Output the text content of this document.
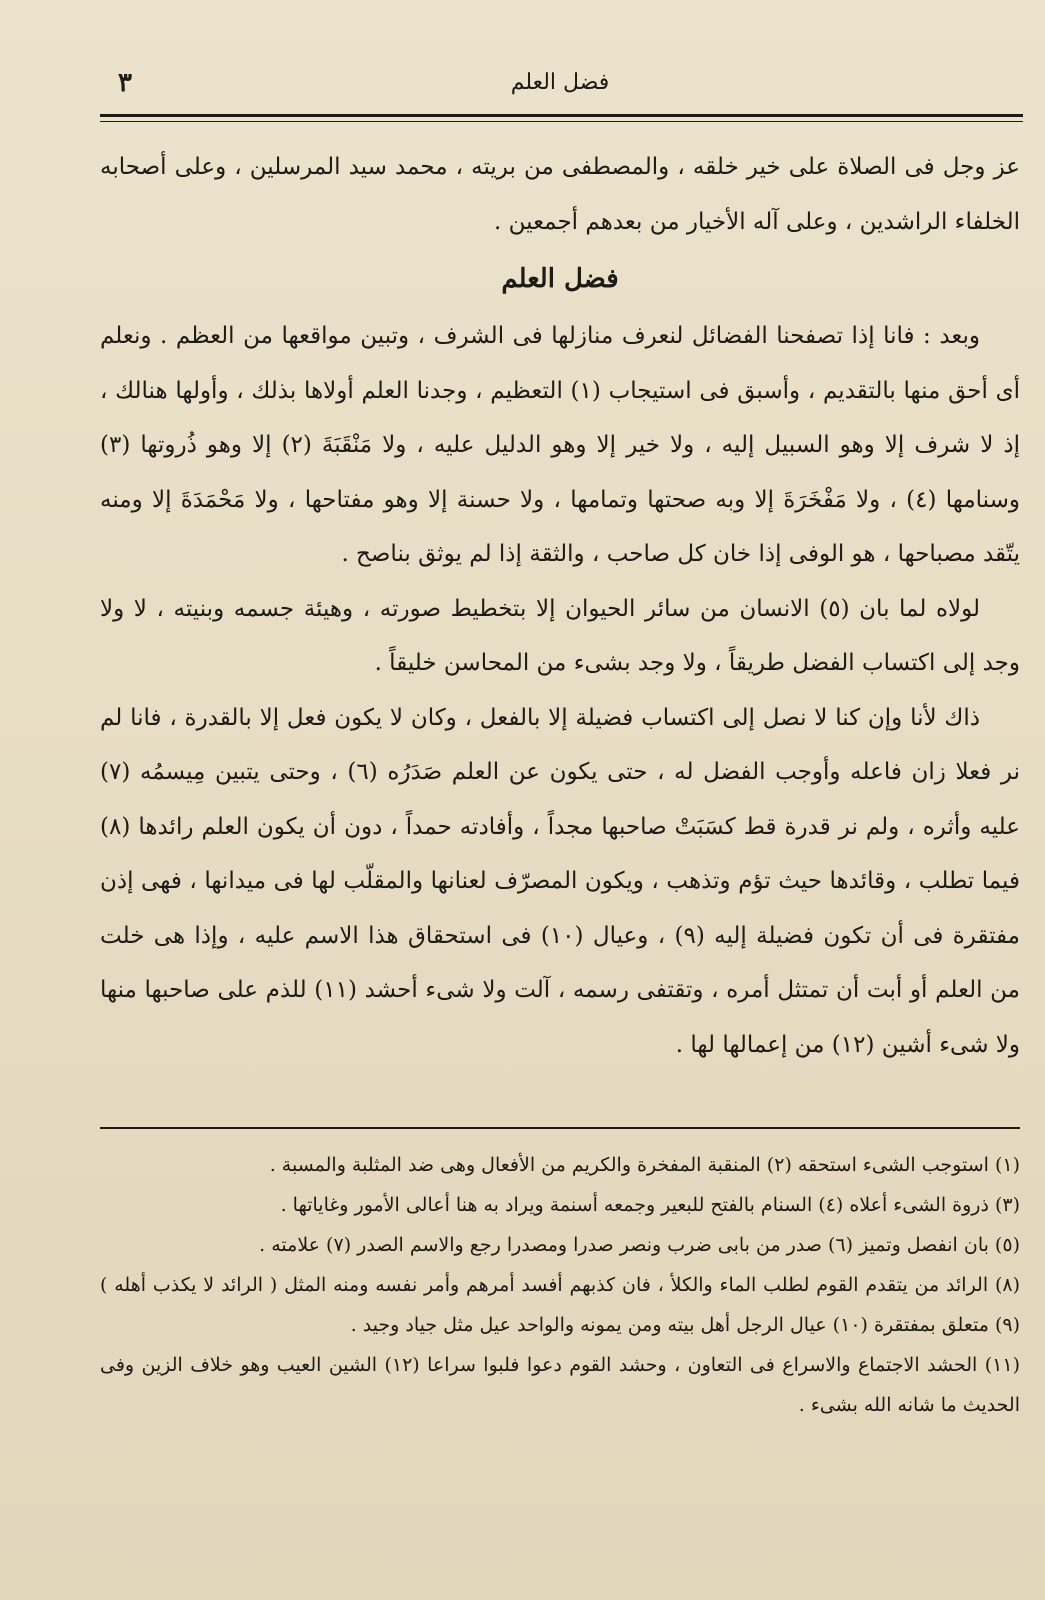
فضل العلم
٣

عز وجل فى الصلاة على خير خلقه ، والمصطفى من بريته ، محمد سيد المرسلين ، وعلى أصحابه الخلفاء الراشدين ، وعلى آله الأخيار من بعدهم أجمعين .

فضل العلم

وبعد : فانا إذا تصفحنا الفضائل لنعرف منازلها فى الشرف ، وتبين مواقعها من العظم . ونعلم أى أحق منها بالتقديم ، وأسبق فى استيجاب (١) التعظيم ، وجدنا العلم أولاها بذلك ، وأولها هنالك ، إذ لا شرف إلا وهو السبيل إليه ، ولا خير إلا وهو الدليل عليه ، ولا مَنْقَبَةَ (٢) إلا وهو ذُروتها (٣) وسنامها (٤) ، ولا مَفْخَرَةَ إلا وبه صحتها وتمامها ، ولا حسنة إلا وهو مفتاحها ، ولا مَحْمَدَةَ إلا ومنه يتّقد مصباحها ، هو الوفى إذا خان كل صاحب ، والثقة إذا لم يوثق بناصح .

لولاه لما بان (٥) الانسان من سائر الحيوان إلا بتخطيط صورته ، وهيئة جسمه وبنيته ، لا ولا وجد إلى اكتساب الفضل طريقاً ، ولا وجد بشىء من المحاسن خليقاً .

ذاك لأنا وإن كنا لا نصل إلى اكتساب فضيلة إلا بالفعل ، وكان لا يكون فعل إلا بالقدرة ، فانا لم نر فعلا زان فاعله وأوجب الفضل له ، حتى يكون عن العلم صَدَرُه (٦) ، وحتى يتبين مِيسمُه (٧) عليه وأثره ، ولم نر قدرة قط كسَبَتْ صاحبها مجداً ، وأفادته حمداً ، دون أن يكون العلم رائدها (٨) فيما تطلب ، وقائدها حيث تؤم وتذهب ، ويكون المصرّف لعنانها والمقلّب لها فى ميدانها ، فهى إذن مفتقرة فى أن تكون فضيلة إليه (٩) ، وعيال (١٠) فى استحقاق هذا الاسم عليه ، وإذا هى خلت من العلم أو أبت أن تمتثل أمره ، وتقتفى رسمه ، آلت ولا شىء أحشد (١١) للذم على صاحبها منها ولا شىء أشين (١٢) من إعمالها لها .

(١) استوجب الشىء استحقه (٢) المنقبة المفخرة والكريم من الأفعال وهى ضد المثلبة والمسبة .

(٣) ذروة الشىء أعلاه (٤) السنام بالفتح للبعير وجمعه أسنمة ويراد به هنا أعالى الأمور وغاياتها .

(٥) بان انفصل وتميز (٦) صدر من بابى ضرب ونصر صدرا ومصدرا رجع والاسم الصدر (٧) علامته .

(٨) الرائد من يتقدم القوم لطلب الماء والكلأ ، فان كذبهم أفسد أمرهم وأمر نفسه ومنه المثل ( الرائد لا يكذب أهله ) (٩) متعلق بمفتقرة (١٠) عيال الرجل أهل بيته ومن يمونه والواحد عيل مثل جياد وجيد .

(١١) الحشد الاجتماع والاسراع فى التعاون ، وحشد القوم دعوا فلبوا سراعا (١٢) الشين العيب وهو خلاف الزين وفى الحديث ما شانه الله بشىء .
